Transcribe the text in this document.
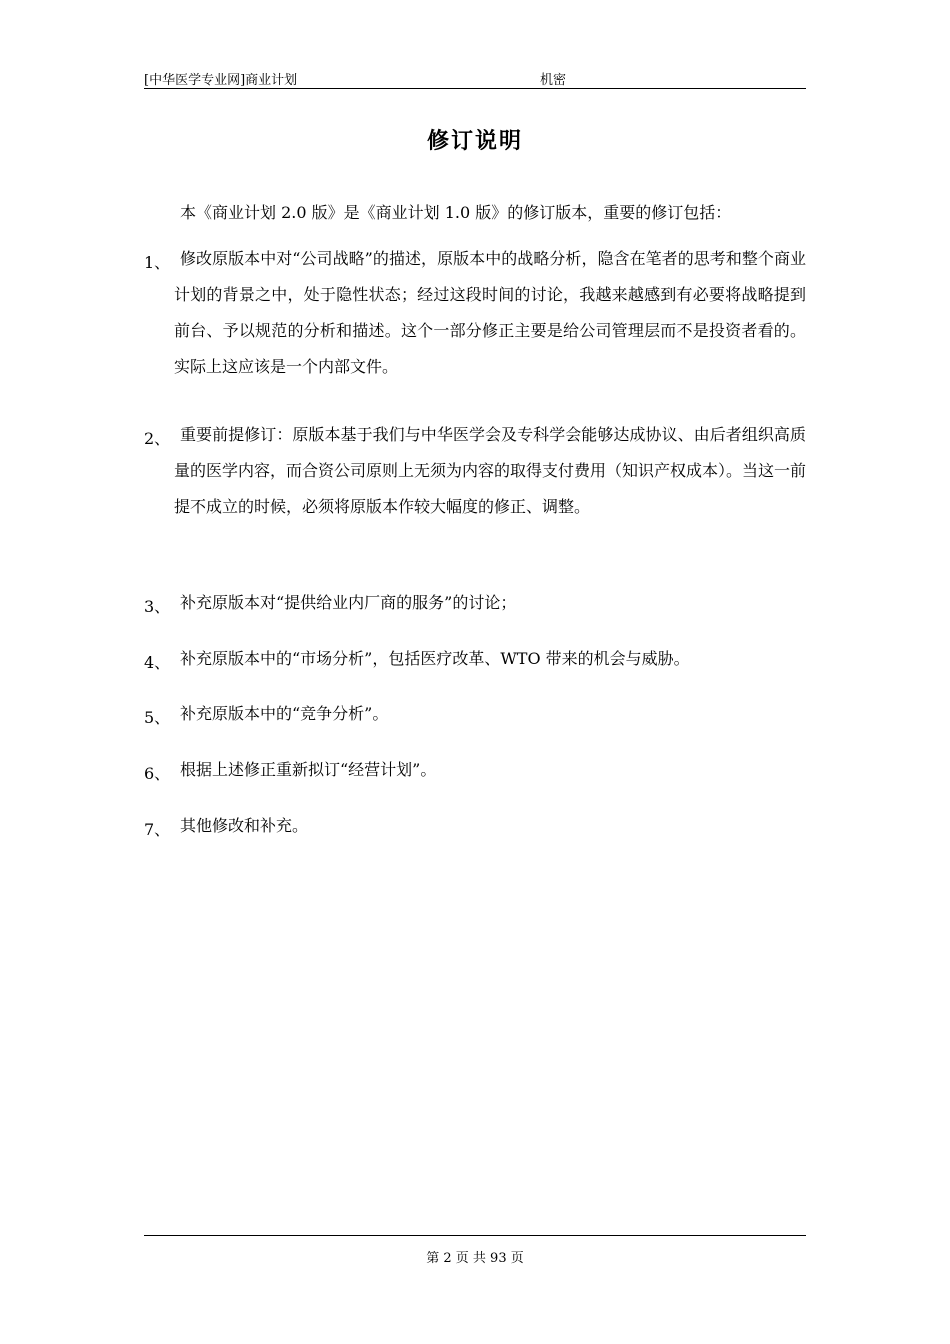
[中华医学专业网]商业计划	机密
修订说明
本《商业计划 2.0 版》是《商业计划 1.0 版》的修订版本，重要的修订包括：
1、 修改原版本中对“公司战略”的描述，原版本中的战略分析，隐含在笔者的思考和整个商业计划的背景之中，处于隐性状态；经过这段时间的讨论，我越来越感到有必要将战略提到前台、予以规范的分析和描述。这个一部分修正主要是给公司管理层而不是投资者看的。实际上这应该是一个内部文件。
2、 重要前提修订：原版本基于我们与中华医学会及专科学会能够达成协议、由后者组织高质量的医学内容，而合资公司原则上无须为内容的取得支付费用（知识产权成本）。当这一前提不成立的时候，必须将原版本作较大幅度的修正、调整。
3、 补充原版本对“提供给业内厂商的服务”的讨论；
4、 补充原版本中的“市场分析”，包括医疗改革、WTO 带来的机会与威胁。
5、 补充原版本中的“竞争分析”。
6、 根据上述修正重新拟订“经营计划”。
7、 其他修改和补充。
第 2 页 共 93 页
